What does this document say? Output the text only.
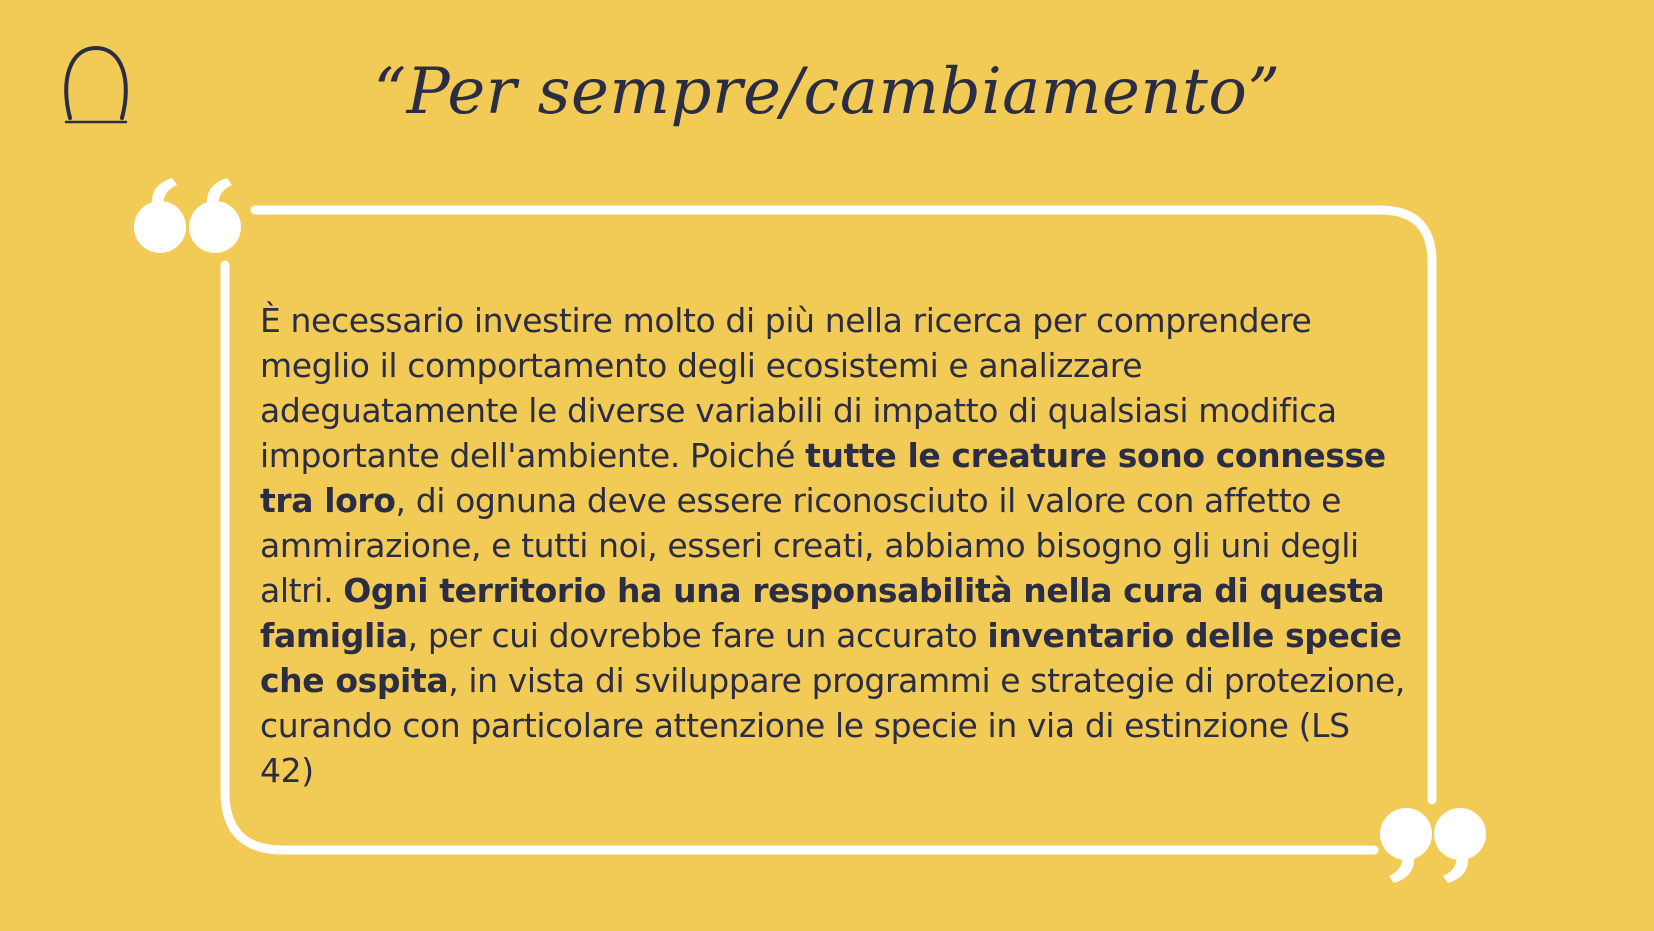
“Per sempre/cambiamento”
È necessario investire molto di più nella ricerca per comprendere meglio il comportamento degli ecosistemi e analizzare adeguatamente le diverse variabili di impatto di qualsiasi modifica importante dell'ambiente. Poiché tutte le creature sono connesse tra loro, di ognuna deve essere riconosciuto il valore con affetto e ammirazione, e tutti noi, esseri creati, abbiamo bisogno gli uni degli altri. Ogni territorio ha una responsabilità nella cura di questa famiglia, per cui dovrebbe fare un accurato inventario delle specie che ospita, in vista di sviluppare programmi e strategie di protezione, curando con particolare attenzione le specie in via di estinzione (LS 42)
